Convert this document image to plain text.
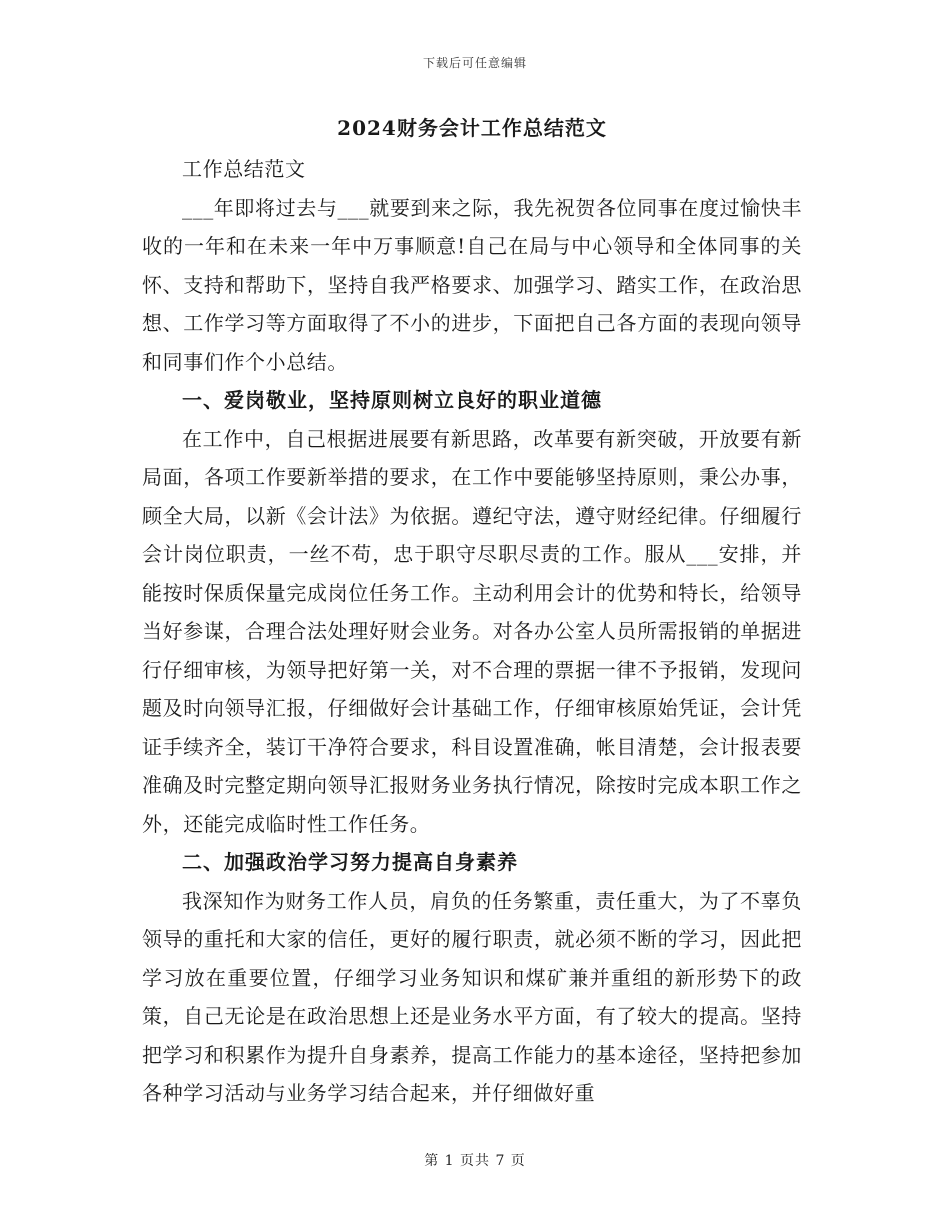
下载后可任意编辑
2024财务会计工作总结范文

工作总结范文

___年即将过去与___就要到来之际，我先祝贺各位同事在度过愉快丰收的一年和在未来一年中万事顺意!自己在局与中心领导和全体同事的关怀、支持和帮助下，坚持自我严格要求、加强学习、踏实工作，在政治思想、工作学习等方面取得了不小的进步，下面把自己各方面的表现向领导和同事们作个小总结。

一、爱岗敬业，坚持原则树立良好的职业道德

在工作中，自己根据进展要有新思路，改革要有新突破，开放要有新局面，各项工作要新举措的要求，在工作中要能够坚持原则，秉公办事，顾全大局，以新《会计法》为依据。遵纪守法，遵守财经纪律。仔细履行会计岗位职责，一丝不苟，忠于职守尽职尽责的工作。服从___安排，并能按时保质保量完成岗位任务工作。主动利用会计的优势和特长，给领导当好参谋，合理合法处理好财会业务。对各办公室人员所需报销的单据进行仔细审核，为领导把好第一关，对不合理的票据一律不予报销，发现问题及时向领导汇报，仔细做好会计基础工作，仔细审核原始凭证，会计凭证手续齐全，装订干净符合要求，科目设置准确，帐目清楚，会计报表要准确及时完整定期向领导汇报财务业务执行情况，除按时完成本职工作之外，还能完成临时性工作任务。

二、加强政治学习努力提高自身素养

我深知作为财务工作人员，肩负的任务繁重，责任重大，为了不辜负领导的重托和大家的信任，更好的履行职责，就必须不断的学习，因此把学习放在重要位置，仔细学习业务知识和煤矿兼并重组的新形势下的政策，自己无论是在政治思想上还是业务水平方面，有了较大的提高。坚持把学习和积累作为提升自身素养，提高工作能力的基本途径，坚持把参加各种学习活动与业务学习结合起来，并仔细做好重

第 1 页共 7 页
